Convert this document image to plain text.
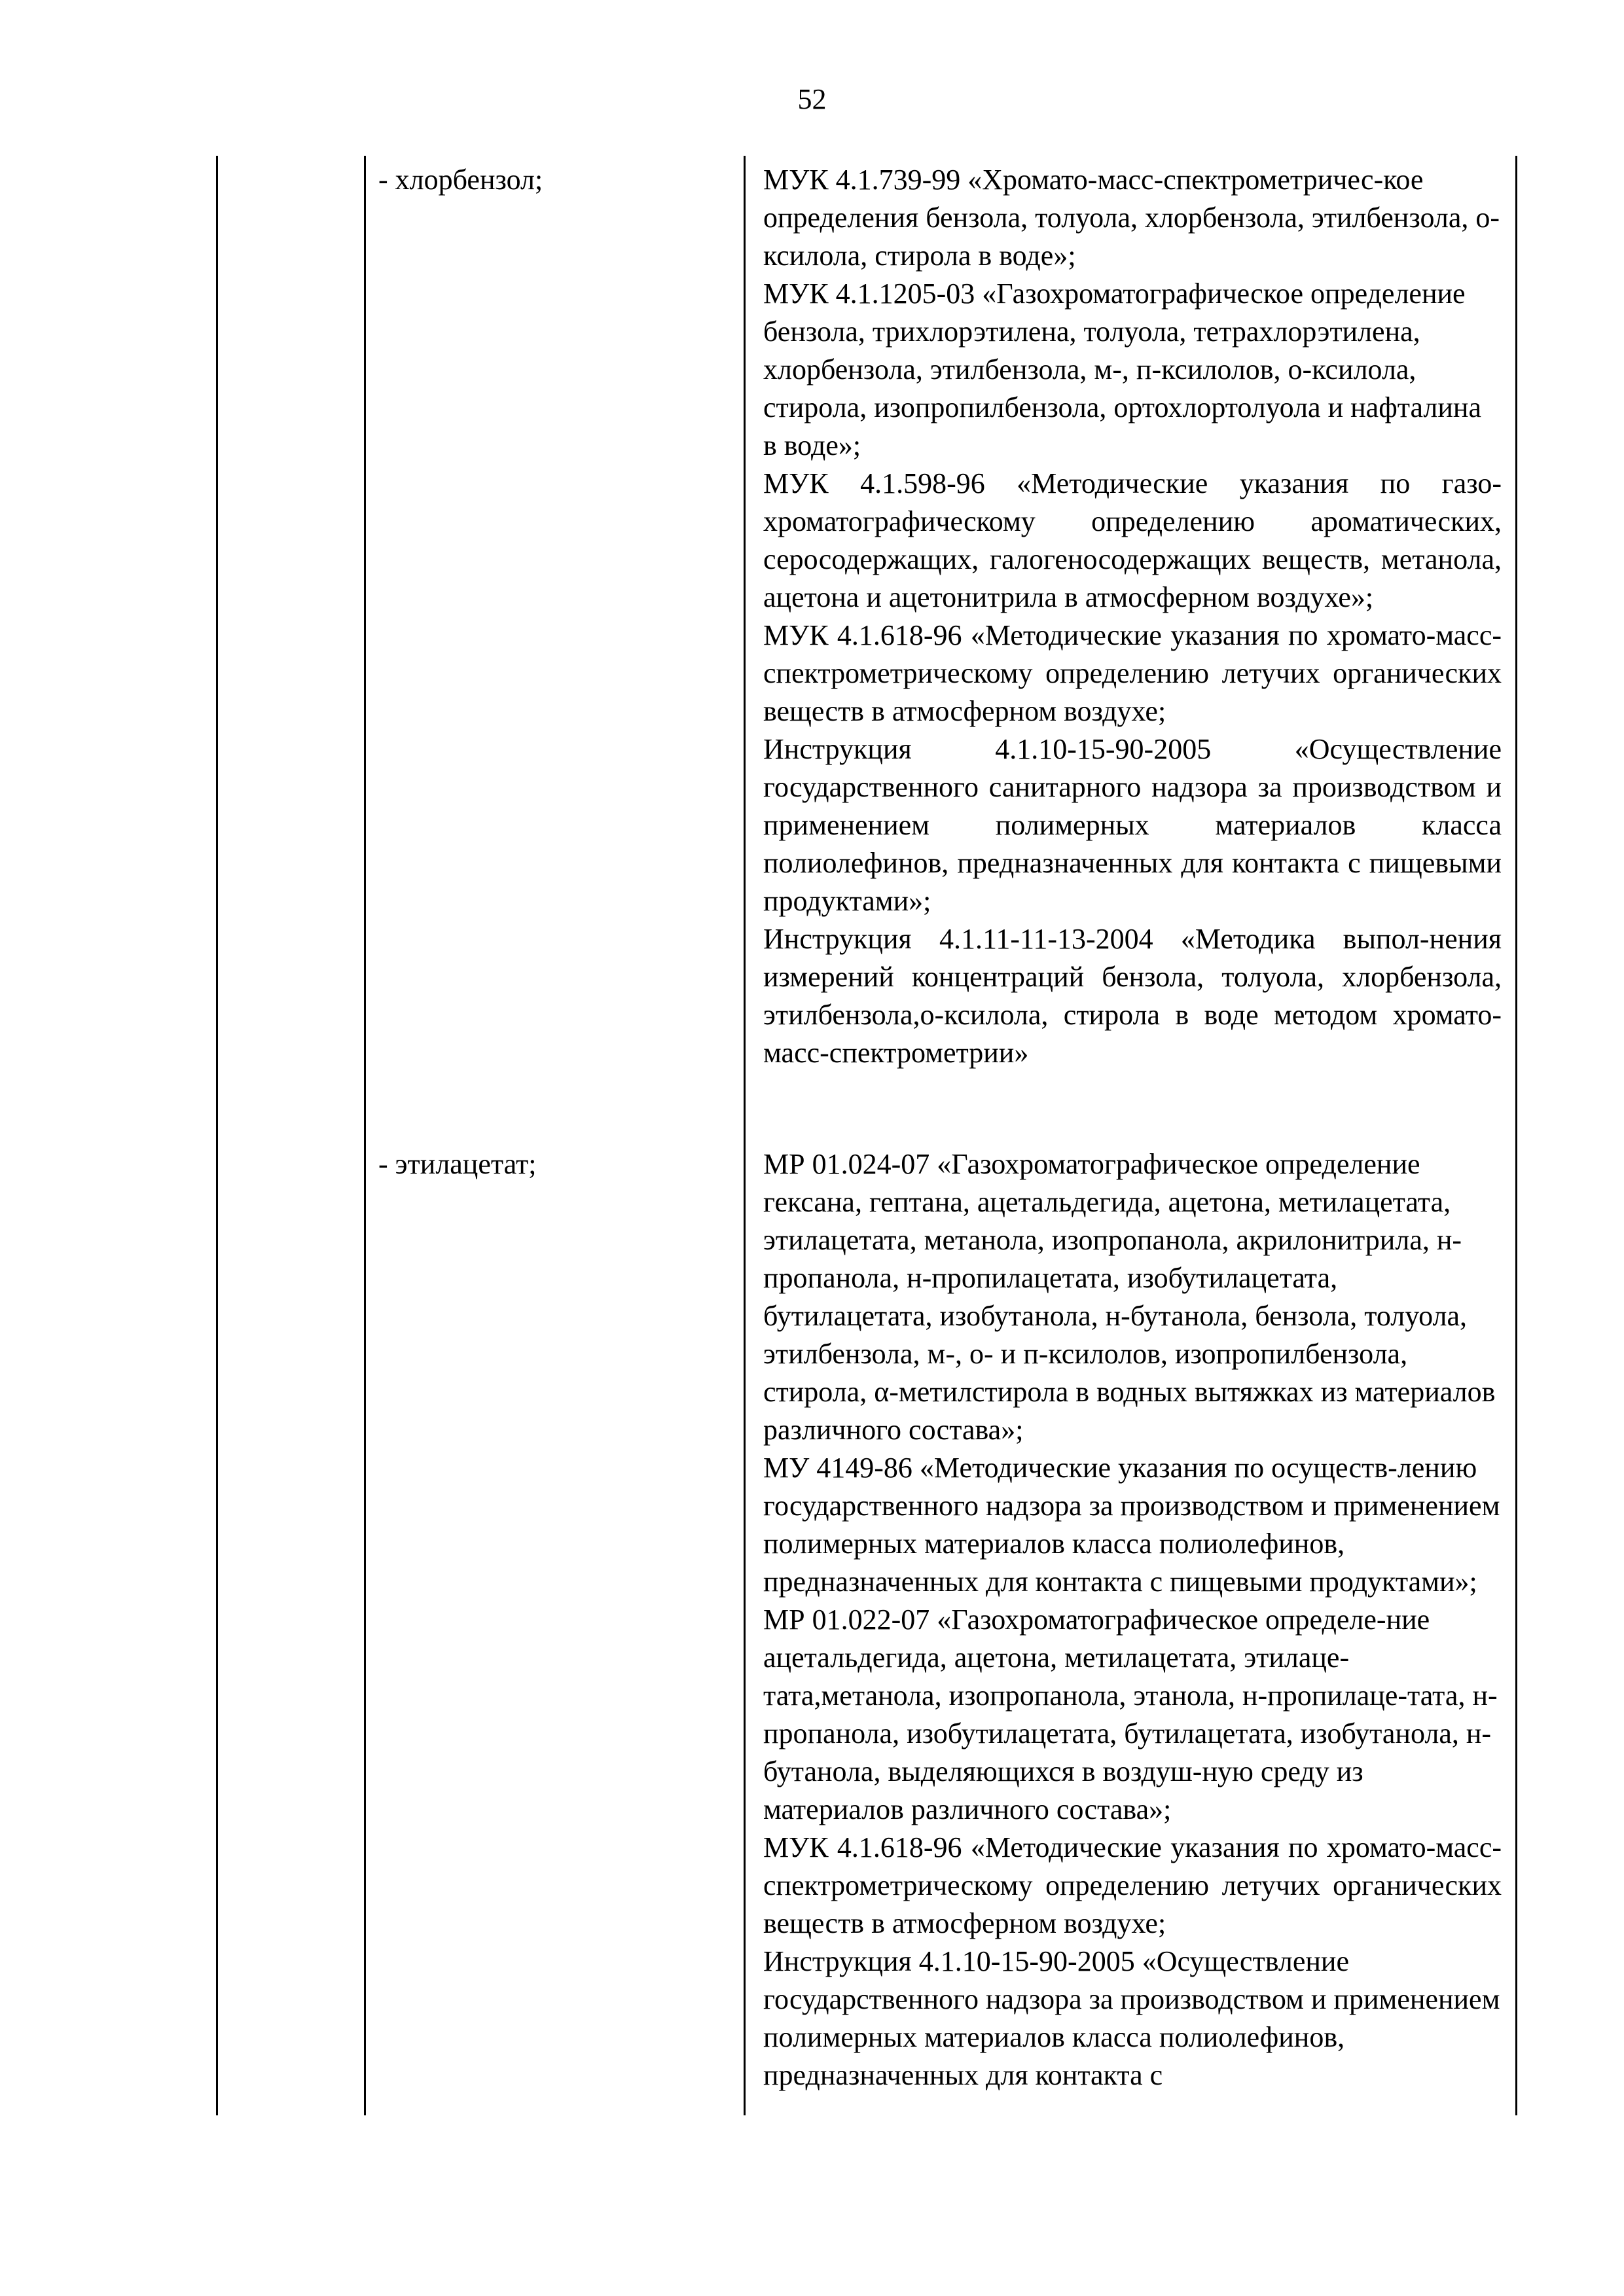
52
- хлорбензол;	МУК 4.1.739-99 «Хромато-масс-спектрометричес-кое определения бензола, толуола, хлорбензола, этилбензола, о-ксилола, стирола в воде»;

МУК 4.1.1205-03 «Газохроматографическое определение бензола, трихлорэтилена, толуола, тетрахлорэтилена, хлорбензола, этилбензола, м-, п-ксилолов, о-ксилола, стирола, изопропилбензола, ортохлортолуола и нафталина в воде»;

МУК 4.1.598-96 «Методические указания по газо-хроматографическому определению ароматических, серосодержащих, галогеносодержащих веществ, метанола, ацетона и ацетонитрила в атмосферном воздухе»;

МУК 4.1.618-96 «Методические указания по хромато-масс-спектрометрическому определению летучих органических веществ в атмосферном воздухе;

Инструкция 4.1.10-15-90-2005 «Осуществление государственного санитарного надзора за производством и применением полимерных материалов класса полиолефинов, предназначенных для контакта с пищевыми продуктами»;

Инструкция 4.1.11-11-13-2004 «Методика выпол-нения измерений концентраций бензола, толуола, хлорбензола, этилбензола,о-ксилола, стирола в воде методом хромато-масс-спектрометрии»

- этилацетат;	МР 01.024-07 «Газохроматографическое определение гексана, гептана, ацетальдегида, ацетона, метилацетата, этилацетата, метанола, изопропанола, акрилонитрила, н-пропанола, н-пропилацетата, изобутилацетата, бутилацетата, изобутанола, н-бутанола, бензола, толуола, этилбензола, м-, о- и п-ксилолов, изопропилбензола, стирола, α-метилстирола в водных вытяжках из материалов различного состава»;

МУ 4149-86 «Методические указания по осуществ-лению государственного надзора за производством и применением полимерных материалов класса полиолефинов, предназначенных для контакта с пищевыми продуктами»;

МР 01.022-07 «Газохроматографическое определе-ние ацетальдегида, ацетона, метилацетата, этилаце-тата,метанола, изопропанола, этанола, н-пропилаце-тата, н-пропанола, изобутилацетата, бутилацетата, изобутанола, н-бутанола, выделяющихся в воздуш-ную среду из материалов различного состава»;

МУК 4.1.618-96 «Методические указания по хромато-масс-спектрометрическому определению летучих органических веществ в атмосферном воздухе;

Инструкция 4.1.10-15-90-2005 «Осуществление государственного надзора за производством и применением полимерных материалов класса полиолефинов, предназначенных для контакта с
